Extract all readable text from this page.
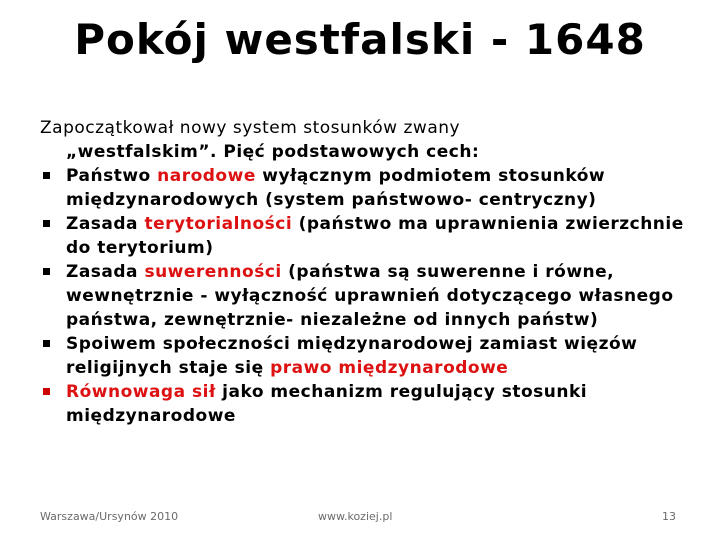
Pokój westfalski - 1648

Zapoczątkował nowy system stosunków zwany
„westfalskim”. Pięć podstawowych cech:

Państwo narodowe wyłącznym podmiotem stosunków międzynarodowych (system państwowo- centryczny)
Zasada terytorialności (państwo ma uprawnienia zwierzchnie do terytorium)
Zasada suwerenności (państwa są suwerenne i równe, wewnętrznie - wyłączność uprawnień dotyczącego własnego państwa, zewnętrznie- niezależne od innych państw)
Spoiwem społeczności międzynarodowej zamiast więzów religijnych staje się prawo międzynarodowe
Równowaga sił jako mechanizm regulujący stosunki międzynarodowe
Warszawa/Ursynów 2010	www.koziej.pl	13
